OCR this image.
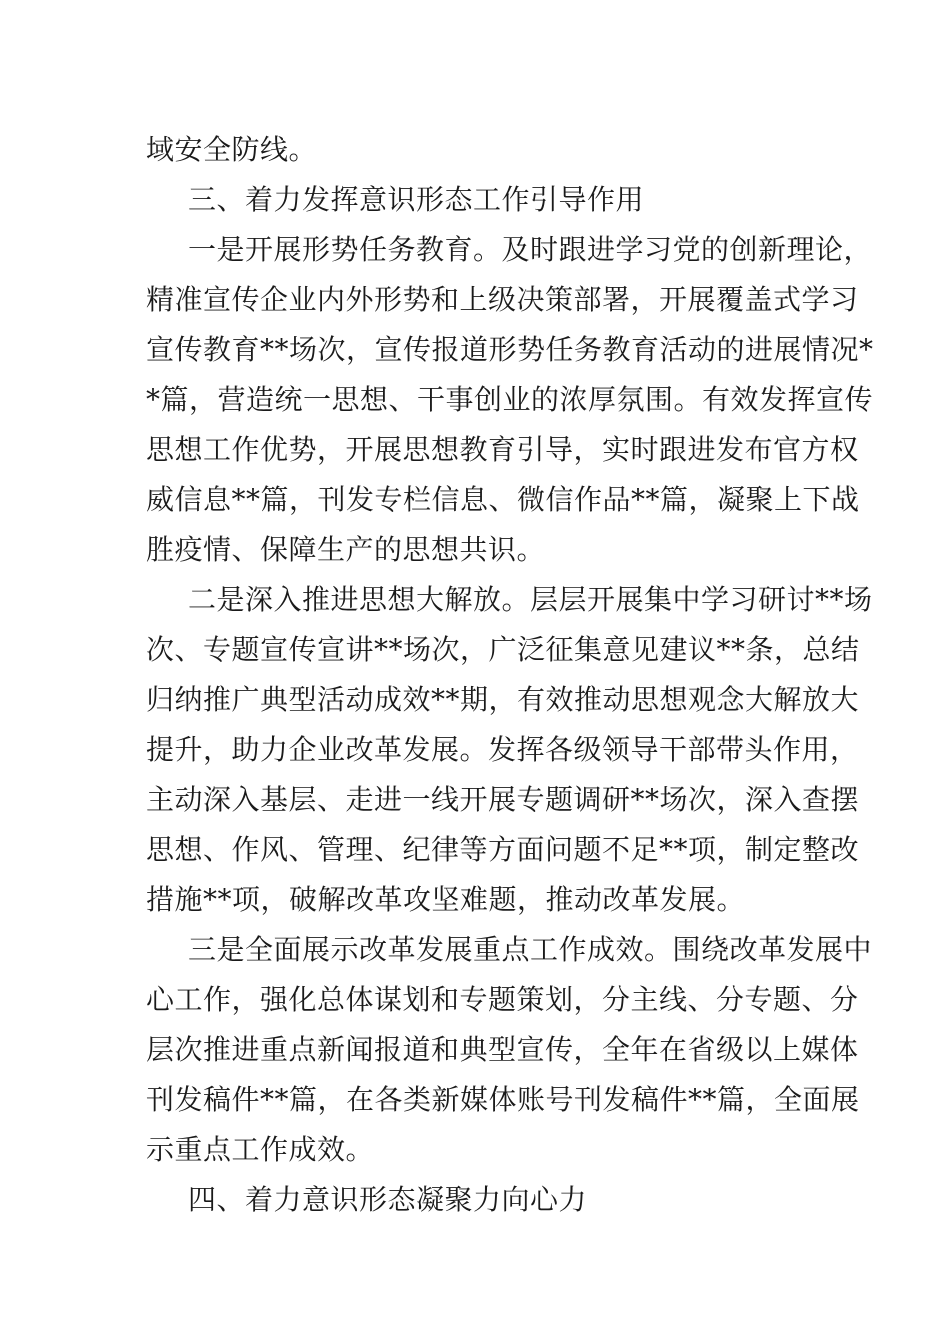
域安全防线。
三、着力发挥意识形态工作引导作用
一是开展形势任务教育。及时跟进学习党的创新理论，
精准宣传企业内外形势和上级决策部署，开展覆盖式学习
宣传教育**场次，宣传报道形势任务教育活动的进展情况*
*篇，营造统一思想、干事创业的浓厚氛围。有效发挥宣传
思想工作优势，开展思想教育引导，实时跟进发布官方权
威信息**篇，刊发专栏信息、微信作品**篇，凝聚上下战
胜疫情、保障生产的思想共识。
二是深入推进思想大解放。层层开展集中学习研讨**场
次、专题宣传宣讲**场次，广泛征集意见建议**条，总结
归纳推广典型活动成效**期，有效推动思想观念大解放大
提升，助力企业改革发展。发挥各级领导干部带头作用，
主动深入基层、走进一线开展专题调研**场次，深入查摆
思想、作风、管理、纪律等方面问题不足**项，制定整改
措施**项，破解改革攻坚难题，推动改革发展。
三是全面展示改革发展重点工作成效。围绕改革发展中
心工作，强化总体谋划和专题策划，分主线、分专题、分
层次推进重点新闻报道和典型宣传，全年在省级以上媒体
刊发稿件**篇，在各类新媒体账号刊发稿件**篇，全面展
示重点工作成效。
四、着力意识形态凝聚力向心力
